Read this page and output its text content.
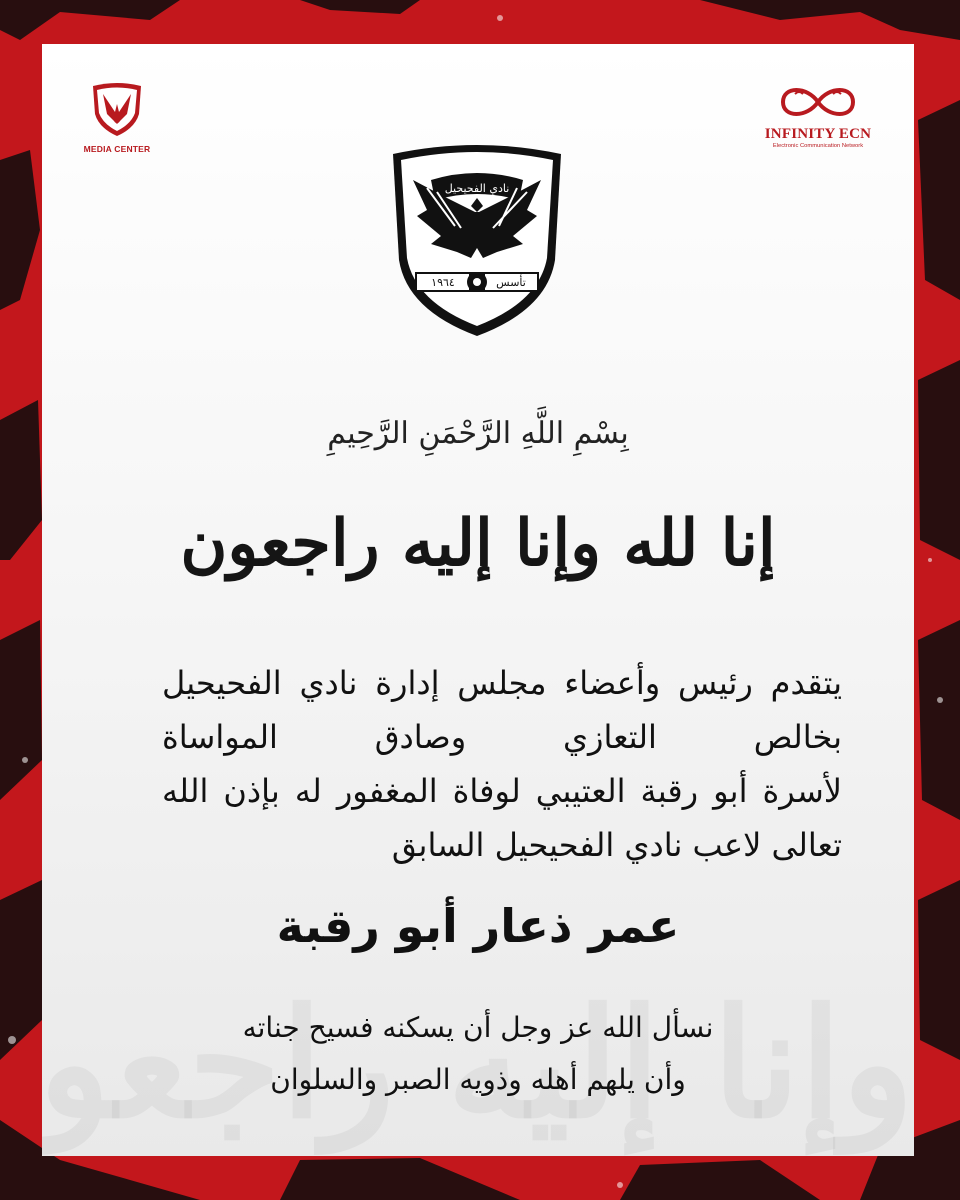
MEDIA CENTER
INFINITY ECN
Electronic Communication Network
نادي الفحيحيل
١٩٦٤	تأسس
بِسْمِ اللَّهِ الرَّحْمَنِ الرَّحِيمِ
إنا لله وإنا إليه راجعون
يتقدم رئيس وأعضاء مجلس إدارة نادي الفحيحيل
بخالص التعازي وصادق المواساة
لأسرة أبو رقبة العتيبي لوفاة المغفور له بإذن الله
تعالى لاعب نادي الفحيحيل السابق
عمر ذعار أبو رقبة
نسأل الله عز وجل أن يسكنه فسيح جناته
وأن يلهم أهله وذويه الصبر والسلوان
